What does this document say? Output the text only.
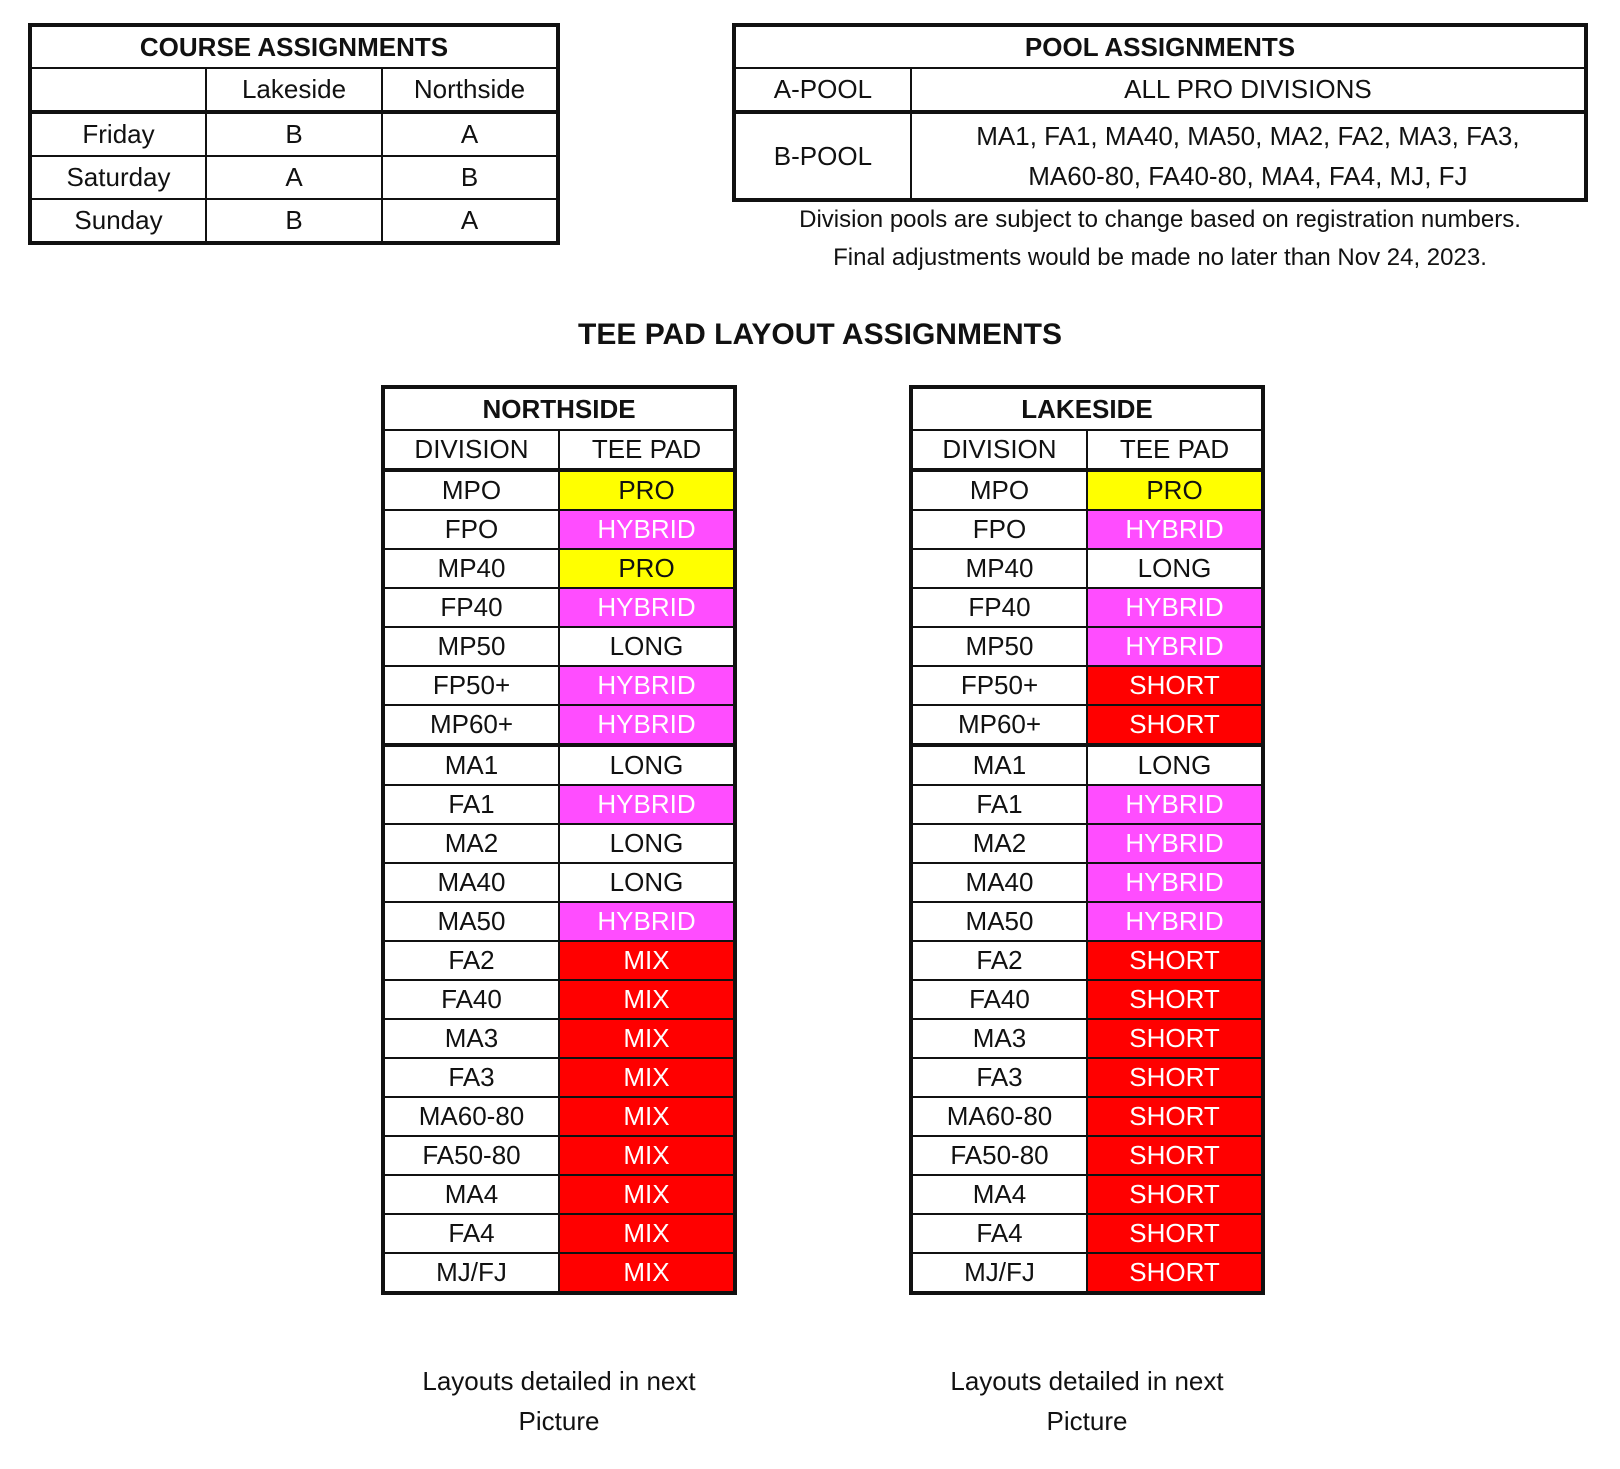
COURSE ASSIGNMENTS		
	Lakeside	Northside
Friday	B	A
Saturday	A	B
Sunday	B	A
POOL ASSIGNMENTS	
A-POOL	ALL PRO DIVISIONS
B-POOL	MA1, FA1, MA40, MA50, MA2, FA2, MA3, FA3,
MA60-80, FA40-80, MA4, FA4, MJ, FJ
Division pools are subject to change based on registration numbers.
Final adjustments would be made no later than Nov 24, 2023.
TEE PAD LAYOUT ASSIGNMENTS
NORTHSIDE	
DIVISION	TEE PAD
MPO	PRO
FPO	HYBRID
MP40	PRO
FP40	HYBRID
MP50	LONG
FP50+	HYBRID
MP60+	HYBRID
MA1	LONG
FA1	HYBRID
MA2	LONG
MA40	LONG
MA50	HYBRID
FA2	MIX
FA40	MIX
MA3	MIX
FA3	MIX
MA60-80	MIX
FA50-80	MIX
MA4	MIX
FA4	MIX
MJ/FJ	MIX
Layouts detailed in next
Picture
LAKESIDE	
DIVISION	TEE PAD
MPO	PRO
FPO	HYBRID
MP40	LONG
FP40	HYBRID
MP50	HYBRID
FP50+	SHORT
MP60+	SHORT
MA1	LONG
FA1	HYBRID
MA2	HYBRID
MA40	HYBRID
MA50	HYBRID
FA2	SHORT
FA40	SHORT
MA3	SHORT
FA3	SHORT
MA60-80	SHORT
FA50-80	SHORT
MA4	SHORT
FA4	SHORT
MJ/FJ	SHORT
Layouts detailed in next
Picture
